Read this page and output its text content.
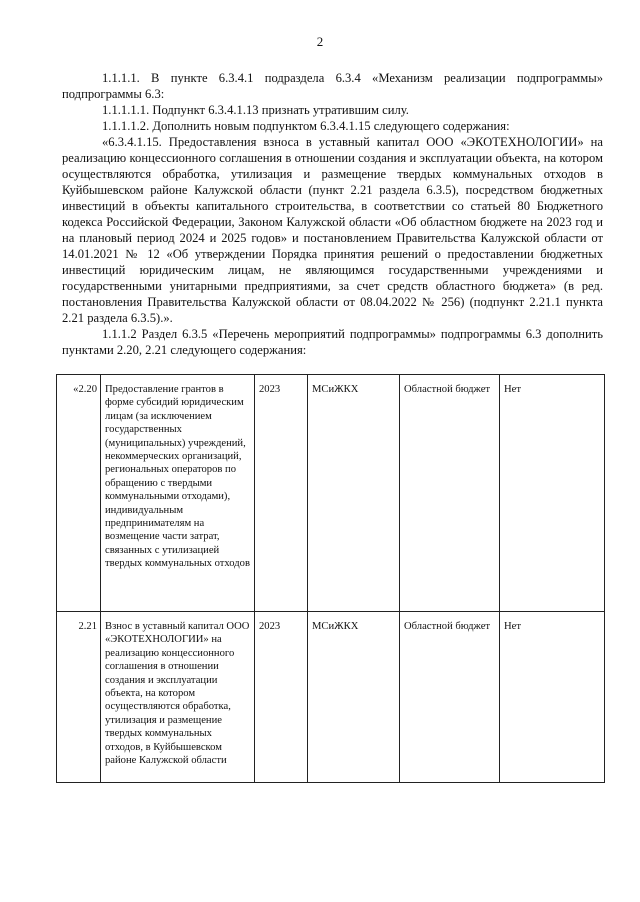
2

1.1.1.1. В пункте 6.3.4.1 подраздела 6.3.4 «Механизм реализации подпрограммы» подпрограммы 6.3:

1.1.1.1.1. Подпункт 6.3.4.1.13 признать утратившим силу.

1.1.1.1.2. Дополнить новым подпунктом 6.3.4.1.15 следующего содержания:

«6.3.4.1.15. Предоставления взноса в уставный капитал ООО «ЭКОТЕХНОЛОГИИ» на реализацию концессионного соглашения в отношении создания и эксплуатации объекта, на котором осуществляются обработка, утилизация и размещение твердых коммунальных отходов в Куйбышевском районе Калужской области (пункт 2.21 раздела 6.3.5), посредством бюджетных инвестиций в объекты капитального строительства, в соответствии со статьей 80 Бюджетного кодекса Российской Федерации, Законом Калужской области «Об областном бюджете на 2023 год и на плановый период 2024 и 2025 годов» и постановлением Правительства Калужской области от 14.01.2021 № 12 «Об утверждении Порядка принятия решений о предоставлении бюджетных инвестиций юридическим лицам, не являющимся государственными учреждениями и государственными унитарными предприятиями, за счет средств областного бюджета» (в ред. постановления Правительства Калужской области от 08.04.2022 № 256) (подпункт 2.21.1 пункта 2.21 раздела 6.3.5).».

1.1.1.2 Раздел 6.3.5 «Перечень мероприятий подпрограммы» подпрограммы 6.3 дополнить пунктами 2.20, 2.21 следующего содержания:

«2.20	Предоставление грантов в форме субсидий юридическим лицам (за исключением государственных (муниципальных) учреждений, некоммерческих организаций, региональных операторов по обращению с твердыми коммунальными отходами), индивидуальным предпринимателям на возмещение части затрат, связанных с утилизацией твердых коммунальных отходов	2023	МСиЖКХ	Областной бюджет	Нет
2.21	Взнос в уставный капитал ООО «ЭКОТЕХНОЛОГИИ» на реализацию концессионного соглашения в отношении создания и эксплуатации объекта, на котором осуществляются обработка, утилизация и размещение твердых коммунальных отходов, в Куйбышевском районе Калужской области	2023	МСиЖКХ	Областной бюджет	Нет
